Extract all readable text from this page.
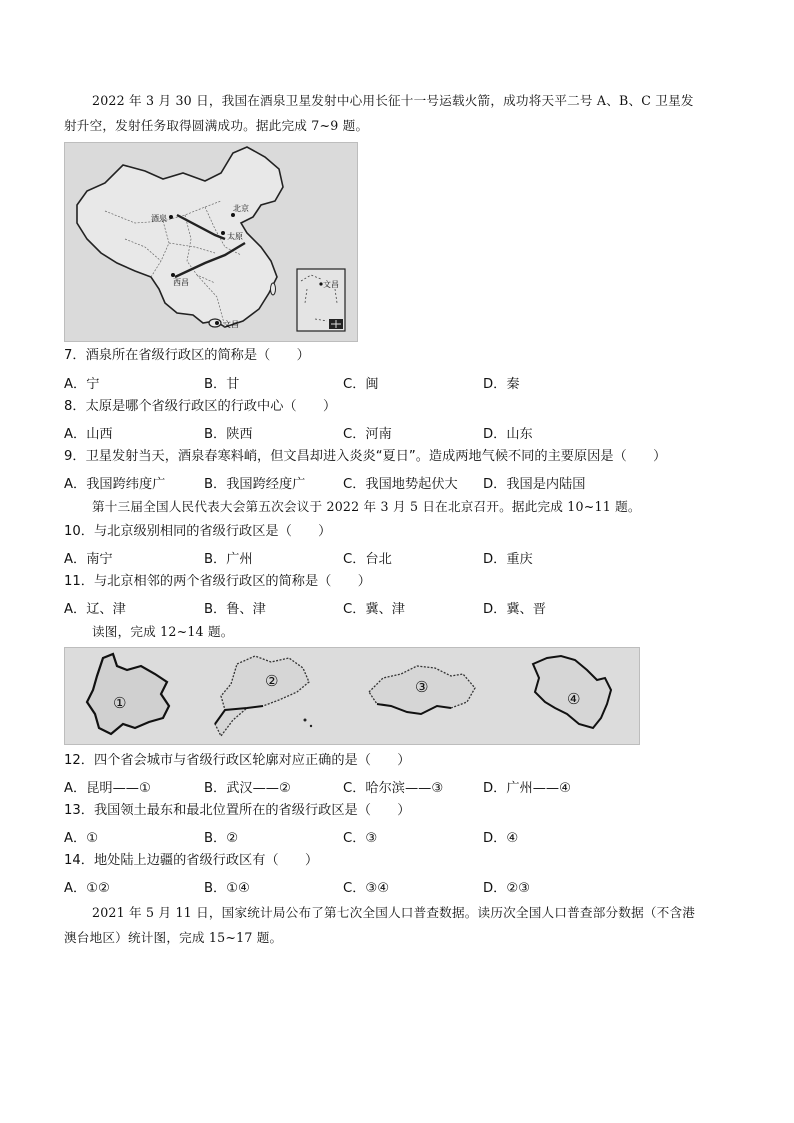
2022 年 3 月 30 日，我国在酒泉卫星发射中心用长征十一号运载火箭，成功将天平二号 A、B、C 卫星发
射升空，发射任务取得圆满成功。据此完成 7~9 题。
酒泉
北京
太原
西昌
文昌
文昌
7．酒泉所在省级行政区的简称是（　　）
A．宁	B．甘	C．闽	D．秦
8．太原是哪个省级行政区的行政中心（　　）
A．山西	B．陕西	C．河南	D．山东
9．卫星发射当天，酒泉春寒料峭，但文昌却进入炎炎“夏日”。造成两地气候不同的主要原因是（　　）
A．我国跨纬度广	B．我国跨经度广	C．我国地势起伏大 D．我国是内陆国
第十三届全国人民代表大会第五次会议于 2022 年 3 月 5 日在北京召开。据此完成 10~11 题。
10．与北京级别相同的省级行政区是（　　）
A．南宁	B．广州	C．台北	D．重庆
11．与北京相邻的两个省级行政区的简称是（　　）
A．辽、津	B．鲁、津	C．冀、津	D．冀、晋
读图，完成 12~14 题。
①
②	③
④
12．四个省会城市与省级行政区轮廓对应正确的是（　　）
A．昆明——①	B．武汉——②	C．哈尔滨——③	D．广州——④
13．我国领土最东和最北位置所在的省级行政区是（　　）
A．①	B．②	C．③	D．④
14．地处陆上边疆的省级行政区有（　　）
A．①②	B．①④	C．③④	D．②③
2021 年 5 月 11 日，国家统计局公布了第七次全国人口普查数据。读历次全国人口普查部分数据（不含港
澳台地区）统计图，完成 15~17 题。
